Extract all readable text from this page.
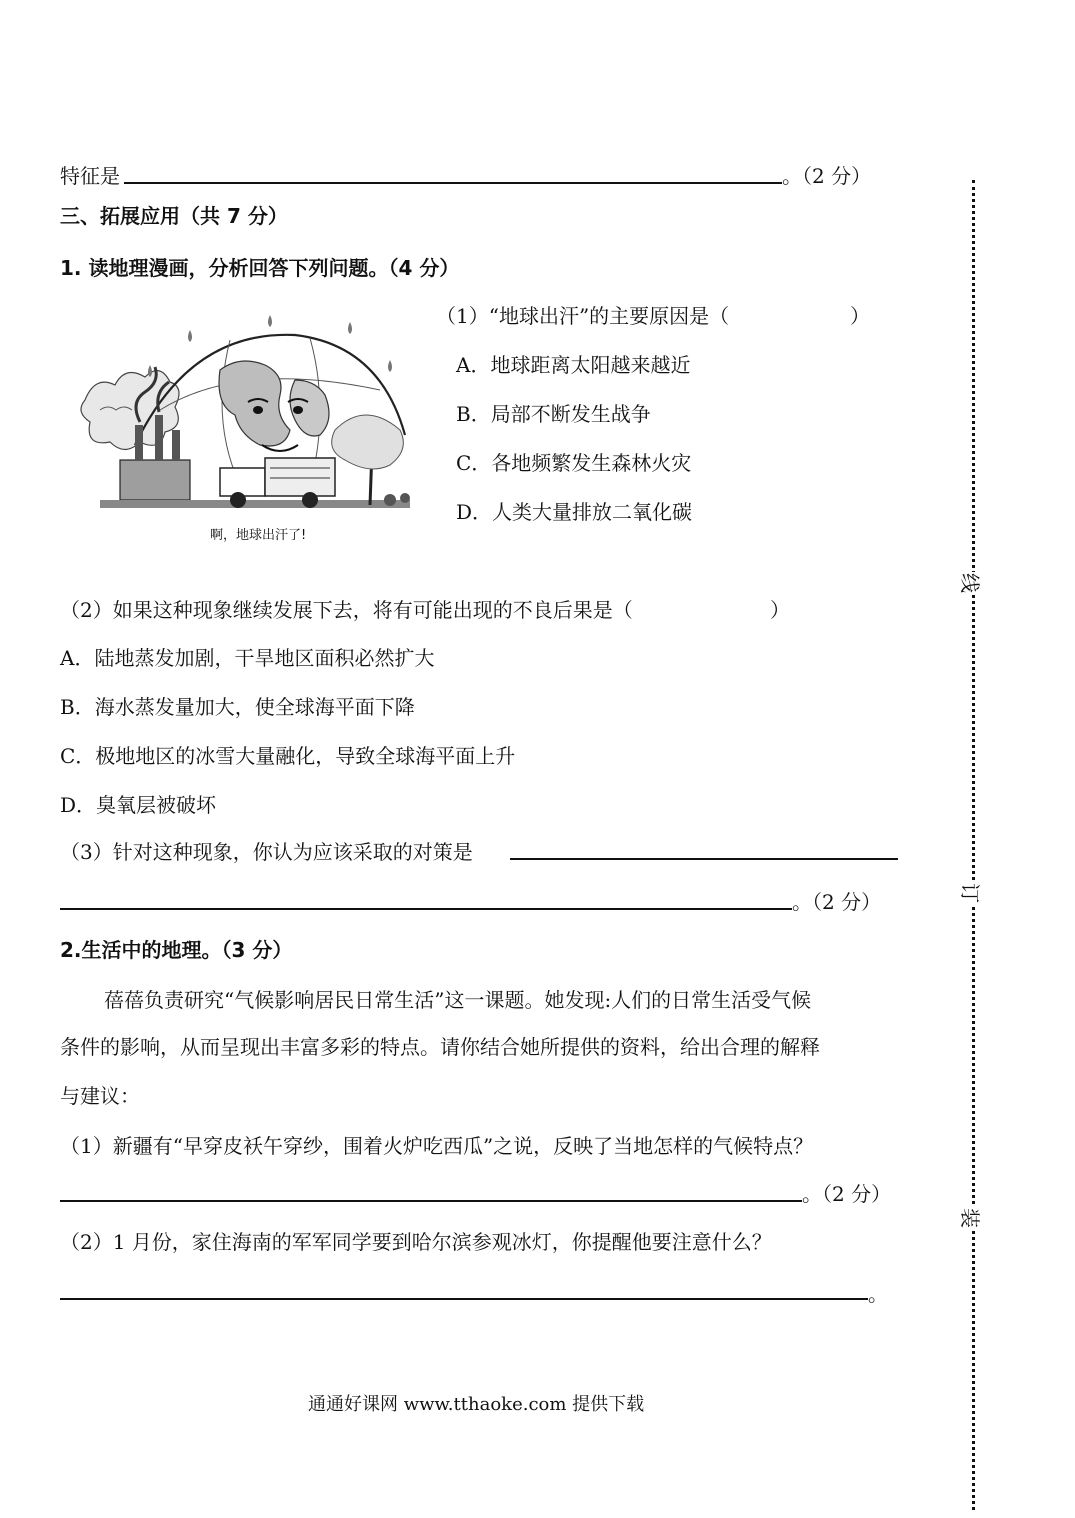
特征是	。（2 分）
三、拓展应用（共 7 分）
1. 读地理漫画，分析回答下列问题。（4 分）
啊，地球出汗了!
（1）“地球出汗”的主要原因是（	）
A．地球距离太阳越来越近
B．局部不断发生战争
C．各地频繁发生森林火灾
D．人类大量排放二氧化碳
（2）如果这种现象继续发展下去，将有可能出现的不良后果是（	）
A．陆地蒸发加剧，干旱地区面积必然扩大
B．海水蒸发量加大，使全球海平面下降
C．极地地区的冰雪大量融化，导致全球海平面上升
D．臭氧层被破坏
（3）针对这种现象，你认为应该采取的对策是
。（2 分）
2.生活中的地理。（3 分）
蓓蓓负责研究“气候影响居民日常生活”这一课题。她发现:人们的日常生活受气候
条件的影响，从而呈现出丰富多彩的特点。请你结合她所提供的资料，给出合理的解释
与建议：
（1）新疆有“早穿皮袄午穿纱，围着火炉吃西瓜”之说，反映了当地怎样的气候特点？
。（2 分）
（2）1 月份，家住海南的军军同学要到哈尔滨参观冰灯，你提醒他要注意什么？
。
通通好课网 www.tthaoke.com 提供下载
线
订
装
